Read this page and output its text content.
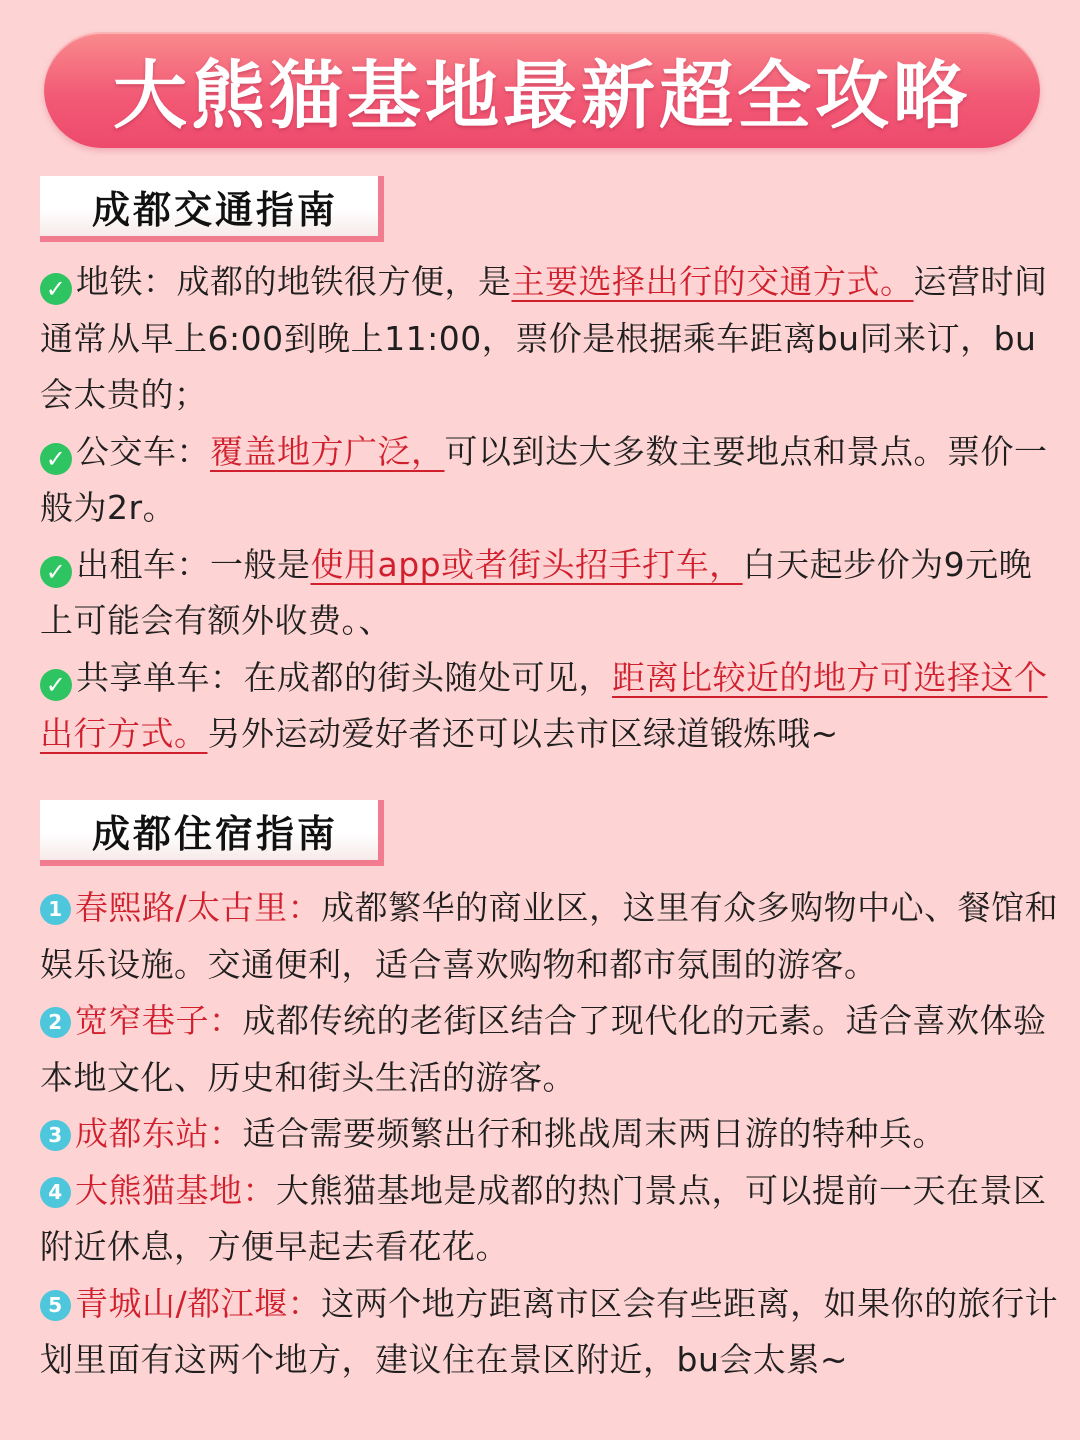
大熊猫基地最新超全攻略
成都交通指南

✓ 地铁：成都的地铁很方便，是主要选择出行的交通方式。运营时间通常从早上6:00到晚上11:00，票价是根据乘车距离bu同来订，bu会太贵的；

✓ 公交车：覆盖地方广泛，可以到达大多数主要地点和景点。票价一般为2r。

✓ 出租车：一般是使用app或者街头招手打车，白天起步价为9元晚上可能会有额外收费。、

✓ 共享单车：在成都的街头随处可见，距离比较近的地方可选择这个出行方式。另外运动爱好者还可以去市区绿道锻炼哦~

成都住宿指南

1 春熙路/太古里：成都繁华的商业区，这里有众多购物中心、餐馆和娱乐设施。交通便利，适合喜欢购物和都市氛围的游客。

2 宽窄巷子：成都传统的老街区结合了现代化的元素。适合喜欢体验本地文化、历史和街头生活的游客。

3 成都东站：适合需要频繁出行和挑战周末两日游的特种兵。

4 大熊猫基地：大熊猫基地是成都的热门景点，可以提前一天在景区附近休息，方便早起去看花花。

5 青城山/都江堰：这两个地方距离市区会有些距离，如果你的旅行计划里面有这两个地方，建议住在景区附近，bu会太累~
